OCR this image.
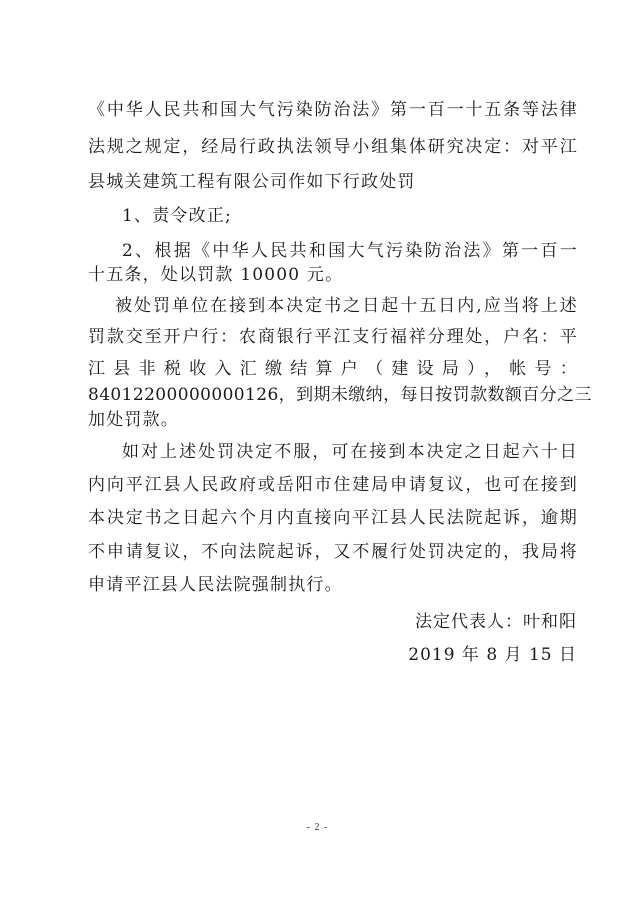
《中华人民共和国大气污染防治法》第一百一十五条等法律
法规之规定，经局行政执法领导小组集体研究决定：对平江
县城关建筑工程有限公司作如下行政处罚
1、责令改正;
2、根据《中华人民共和国大气污染防治法》第一百一
十五条，处以罚款 10000 元。
被处罚单位在接到本决定书之日起十五日内,应当将上述
罚款交至开户行：农商银行平江支行福祥分理处，户名：平
江县非税收入汇缴结算户（建设局），帐号：
84012200000000126，到期未缴纳，每日按罚款数额百分之三
加处罚款。
如对上述处罚决定不服，可在接到本决定之日起六十日
内向平江县人民政府或岳阳市住建局申请复议，也可在接到
本决定书之日起六个月内直接向平江县人民法院起诉，逾期
不申请复议，不向法院起诉，又不履行处罚决定的，我局将
申请平江县人民法院强制执行。
法定代表人：叶和阳
2019 年 8 月 15 日
- 2 -
